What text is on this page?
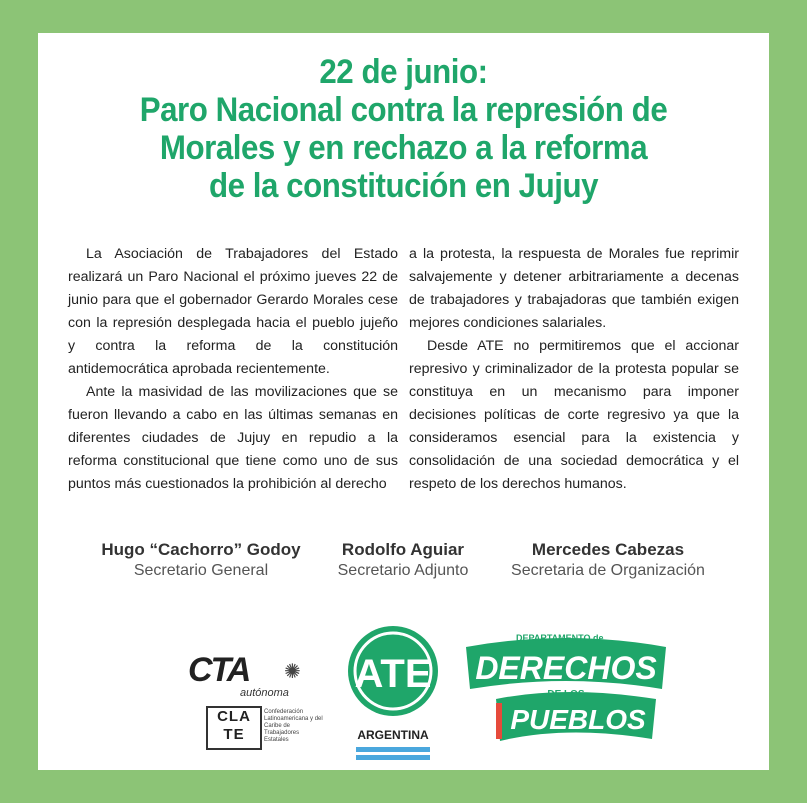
22 de junio:
Paro Nacional contra la represión de
Morales y en rechazo a la reforma
de la constitución en Jujuy

La Asociación de Trabajadores del Estado realizará un Paro Nacional el próximo jueves 22 de junio para que el gobernador Gerardo Morales cese con la represión desplegada hacia el pueblo jujeño y contra la reforma de la constitución antidemocrática aprobada recientemente.

Ante la masividad de las movilizaciones que se fueron llevando a cabo en las últimas semanas en diferentes ciudades de Jujuy en repudio a la reforma constitucional que tiene como uno de sus puntos más cuestionados la prohibición al derecho

a la protesta, la respuesta de Morales fue reprimir salvajemente y detener arbitrariamente a decenas de trabajadores y trabajadoras que también exigen mejores condiciones salariales.

Desde ATE no permitiremos que el accionar represivo y criminalizador de la protesta popular se constituya en un mecanismo para imponer decisiones políticas de corte regresivo ya que la consideramos esencial para la existencia y consolidación de una sociedad democrática y el respeto de los derechos humanos.

Hugo “Cachorro” Godoy
Secretario General
Rodolfo Aguiar
Secretario Adjunto
Mercedes Cabezas
Secretaria de Organización
CTA	✺
autónoma
CLA
TE
Confederación Latinoamericana y del Caribe de Trabajadores Estatales
ATE
ARGENTINA
DEPARTAMENTO de
DERECHOS
DE LOS
PUEBLOS
